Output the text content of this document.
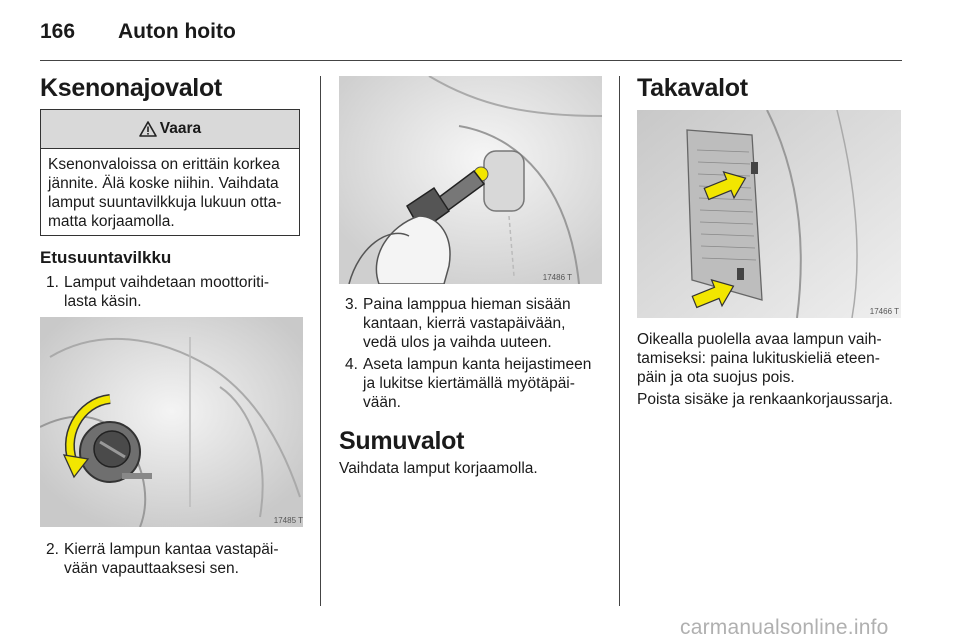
166 Auton hoito
Ksenonajovalot
Vaara
Ksenonvaloissa on erittäin korkea
jännite. Älä koske niihin. Vaihdata
lamput suuntavilkkuja lukuun otta-
matta korjaamolla.
Etusuuntavilkku
1. Lamput vaihdetaan moottoriti-
lasta käsin.
17485 T
2. Kierrä lampun kantaa vastapäi-
vään vapauttaaksesi sen.
17486 T
3. Paina lamppua hieman sisään
kantaan, kierrä vastapäivään,
vedä ulos ja vaihda uuteen.
4. Aseta lampun kanta heijastimeen
ja lukitse kiertämällä myötäpäi-
vään.
Sumuvalot
Vaihdata lamput korjaamolla.
Takavalot
17466 T
Oikealla puolella avaa lampun vaih-
tamiseksi: paina lukituskieliä eteen-
päin ja ota suojus pois.
Poista sisäke ja renkaankorjaussarja.
carmanualsonline.info
